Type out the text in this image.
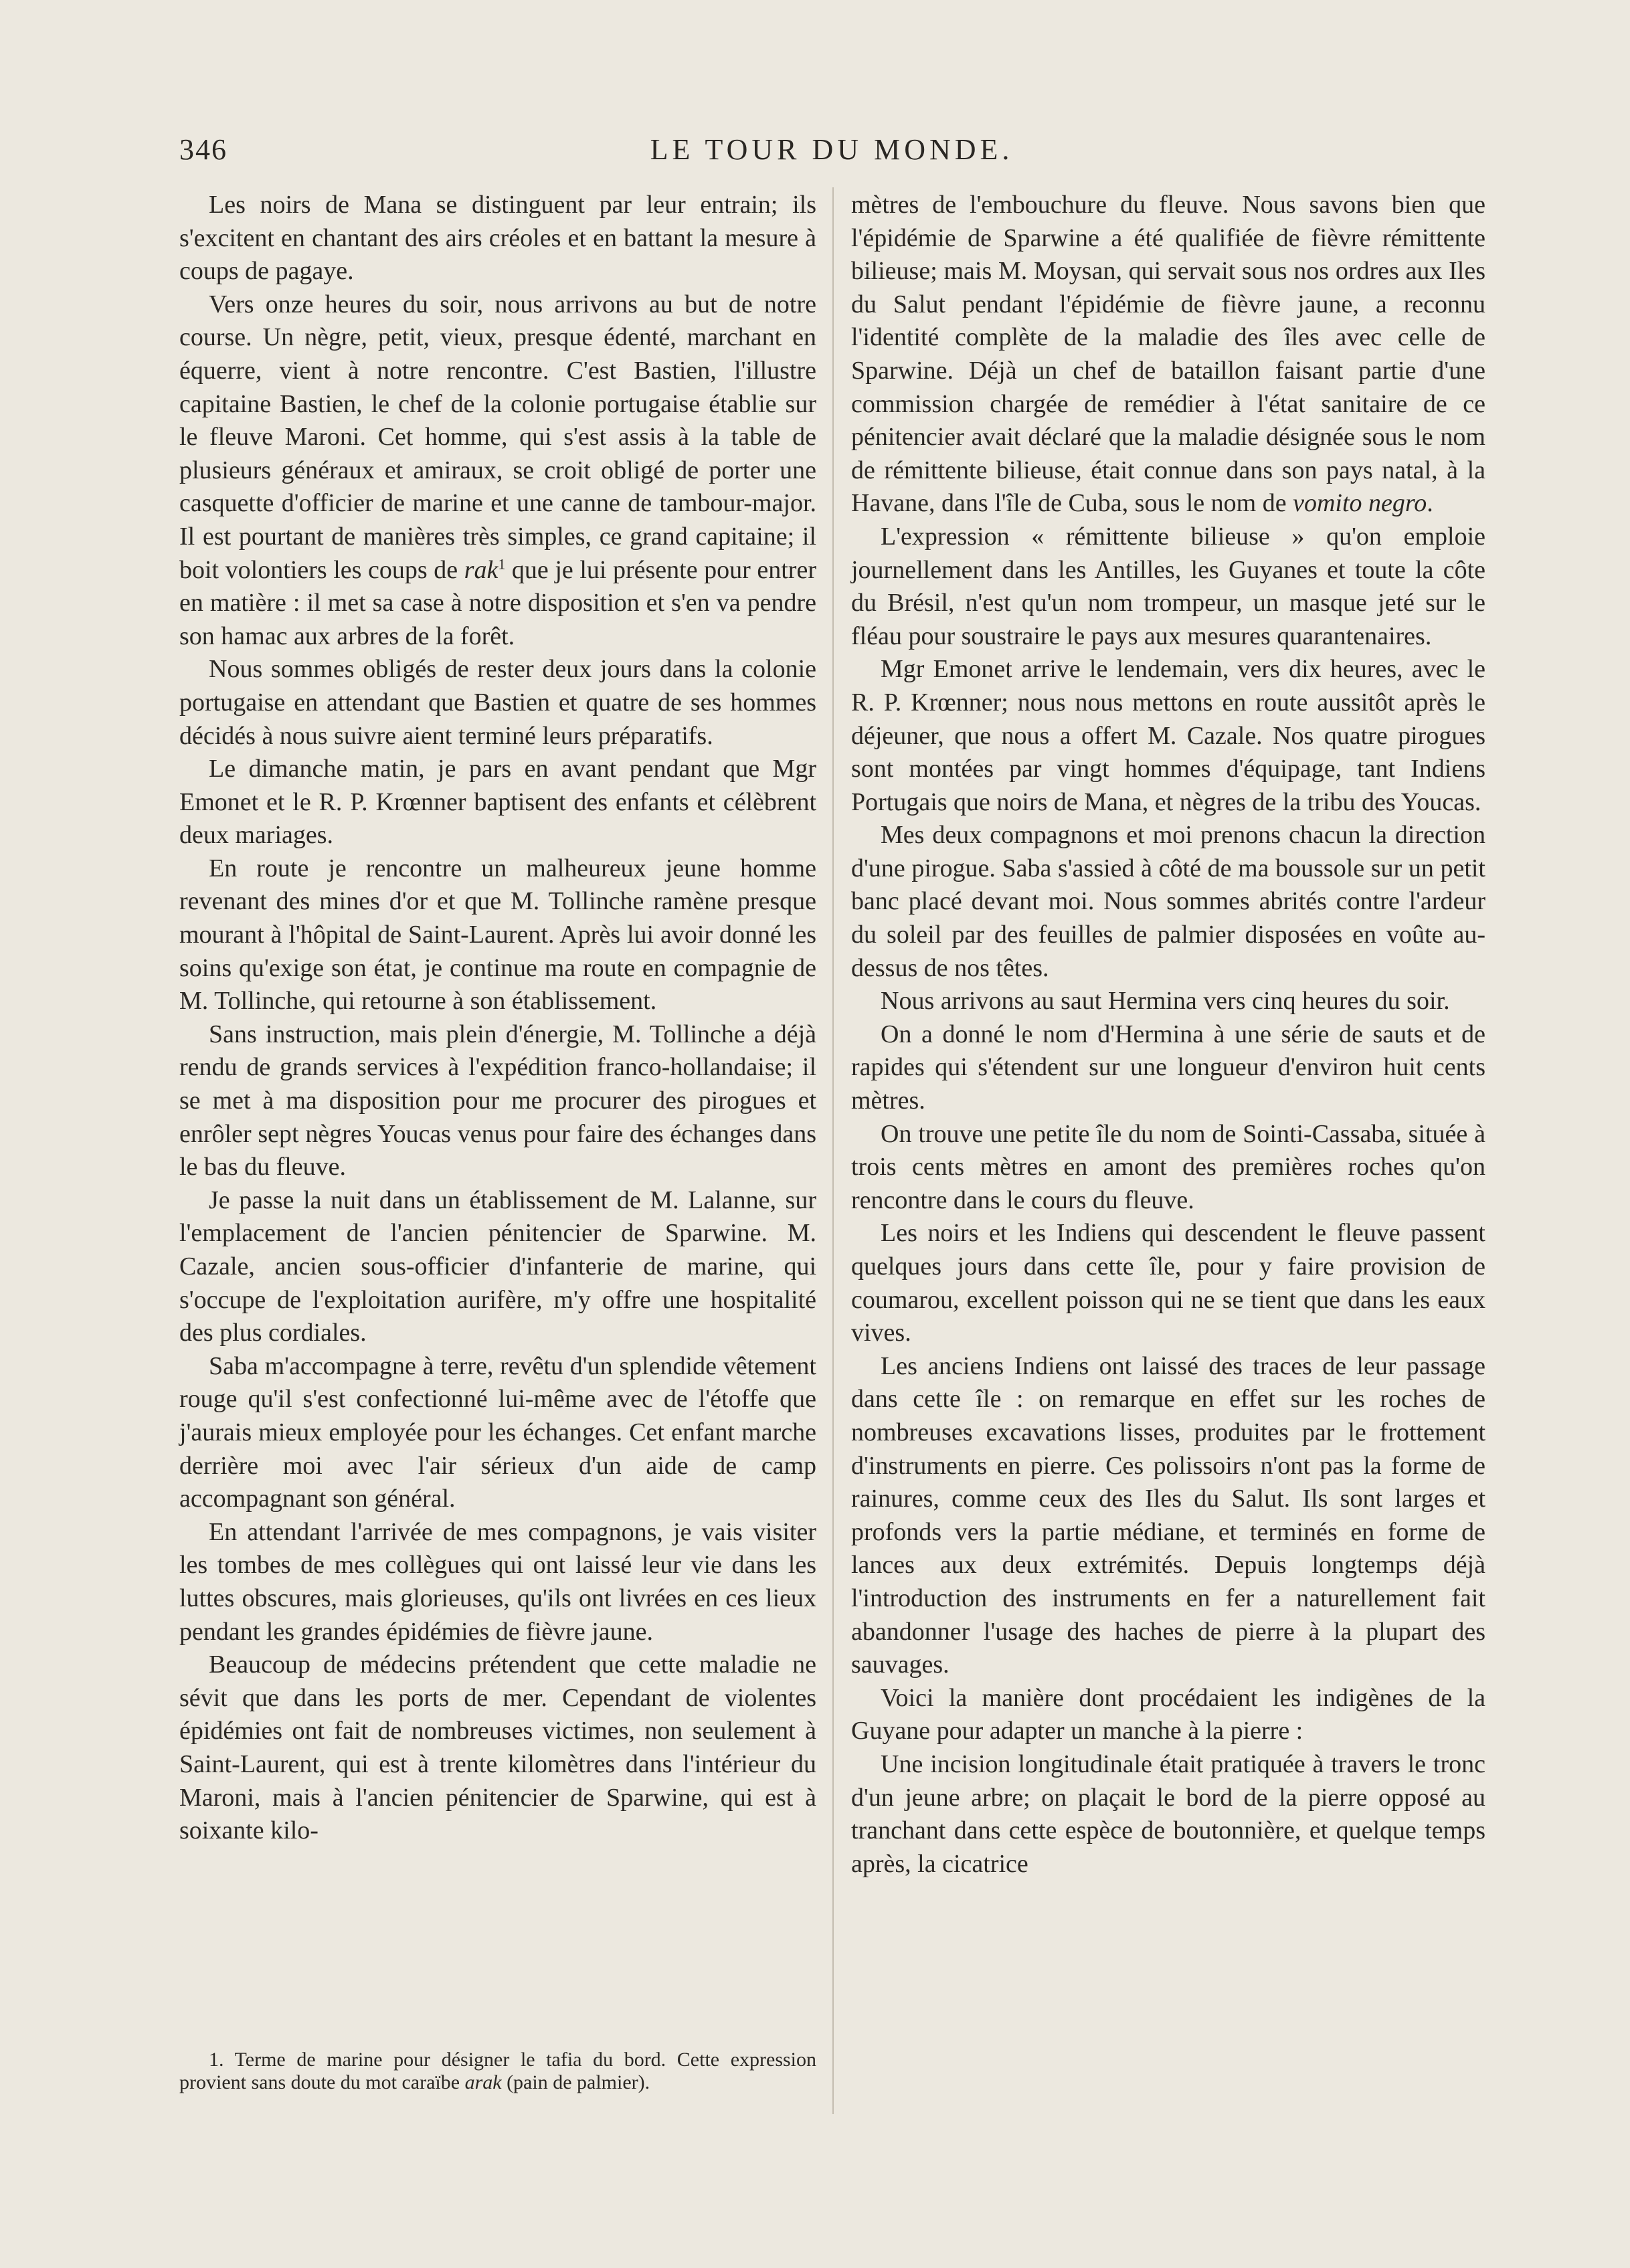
346	LE TOUR DU MONDE.

Les noirs de Mana se distinguent par leur entrain; ils s'excitent en chantant des airs créoles et en battant la mesure à coups de pagaye.

Vers onze heures du soir, nous arrivons au but de notre course. Un nègre, petit, vieux, presque édenté, marchant en équerre, vient à notre rencontre. C'est Bastien, l'illustre capitaine Bastien, le chef de la colonie portugaise établie sur le fleuve Maroni. Cet homme, qui s'est assis à la table de plusieurs généraux et amiraux, se croit obligé de porter une casquette d'officier de marine et une canne de tambour-major. Il est pourtant de manières très simples, ce grand capitaine; il boit volontiers les coups de rak$^1$ que je lui présente pour entrer en matière : il met sa case à notre disposition et s'en va pendre son hamac aux arbres de la forêt.

Nous sommes obligés de rester deux jours dans la colonie portugaise en attendant que Bastien et quatre de ses hommes décidés à nous suivre aient terminé leurs préparatifs.

Le dimanche matin, je pars en avant pendant que Mgr Emonet et le R. P. Krœnner baptisent des enfants et célèbrent deux mariages.

En route je rencontre un malheureux jeune homme revenant des mines d'or et que M. Tollinche ramène presque mourant à l'hôpital de Saint-Laurent. Après lui avoir donné les soins qu'exige son état, je continue ma route en compagnie de M. Tollinche, qui retourne à son établissement.

Sans instruction, mais plein d'énergie, M. Tollinche a déjà rendu de grands services à l'expédition franco-hollandaise; il se met à ma disposition pour me procurer des pirogues et enrôler sept nègres Youcas venus pour faire des échanges dans le bas du fleuve.

Je passe la nuit dans un établissement de M. Lalanne, sur l'emplacement de l'ancien pénitencier de Sparwine. M. Cazale, ancien sous-officier d'infanterie de marine, qui s'occupe de l'exploitation aurifère, m'y offre une hospitalité des plus cordiales.

Saba m'accompagne à terre, revêtu d'un splendide vêtement rouge qu'il s'est confectionné lui-même avec de l'étoffe que j'aurais mieux employée pour les échanges. Cet enfant marche derrière moi avec l'air sérieux d'un aide de camp accompagnant son général.

En attendant l'arrivée de mes compagnons, je vais visiter les tombes de mes collègues qui ont laissé leur vie dans les luttes obscures, mais glorieuses, qu'ils ont livrées en ces lieux pendant les grandes épidémies de fièvre jaune.

Beaucoup de médecins prétendent que cette maladie ne sévit que dans les ports de mer. Cependant de violentes épidémies ont fait de nombreuses victimes, non seulement à Saint-Laurent, qui est à trente kilomètres dans l'intérieur du Maroni, mais à l'ancien pénitencier de Sparwine, qui est à soixante kilo-

mètres de l'embouchure du fleuve. Nous savons bien que l'épidémie de Sparwine a été qualifiée de fièvre rémittente bilieuse; mais M. Moysan, qui servait sous nos ordres aux Iles du Salut pendant l'épidémie de fièvre jaune, a reconnu l'identité complète de la maladie des îles avec celle de Sparwine. Déjà un chef de bataillon faisant partie d'une commission chargée de remédier à l'état sanitaire de ce pénitencier avait déclaré que la maladie désignée sous le nom de rémittente bilieuse, était connue dans son pays natal, à la Havane, dans l'île de Cuba, sous le nom de vomito negro.

L'expression « rémittente bilieuse » qu'on emploie journellement dans les Antilles, les Guyanes et toute la côte du Brésil, n'est qu'un nom trompeur, un masque jeté sur le fléau pour soustraire le pays aux mesures quarantenaires.

Mgr Emonet arrive le lendemain, vers dix heures, avec le R. P. Krœnner; nous nous mettons en route aussitôt après le déjeuner, que nous a offert M. Cazale. Nos quatre pirogues sont montées par vingt hommes d'équipage, tant Indiens Portugais que noirs de Mana, et nègres de la tribu des Youcas.

Mes deux compagnons et moi prenons chacun la direction d'une pirogue. Saba s'assied à côté de ma boussole sur un petit banc placé devant moi. Nous sommes abrités contre l'ardeur du soleil par des feuilles de palmier disposées en voûte au-dessus de nos têtes.

Nous arrivons au saut Hermina vers cinq heures du soir.

On a donné le nom d'Hermina à une série de sauts et de rapides qui s'étendent sur une longueur d'environ huit cents mètres.

On trouve une petite île du nom de Sointi-Cassaba, située à trois cents mètres en amont des premières roches qu'on rencontre dans le cours du fleuve.

Les noirs et les Indiens qui descendent le fleuve passent quelques jours dans cette île, pour y faire provision de coumarou, excellent poisson qui ne se tient que dans les eaux vives.

Les anciens Indiens ont laissé des traces de leur passage dans cette île : on remarque en effet sur les roches de nombreuses excavations lisses, produites par le frottement d'instruments en pierre. Ces polissoirs n'ont pas la forme de rainures, comme ceux des Iles du Salut. Ils sont larges et profonds vers la partie médiane, et terminés en forme de lances aux deux extrémités. Depuis longtemps déjà l'introduction des instruments en fer a naturellement fait abandonner l'usage des haches de pierre à la plupart des sauvages.

Voici la manière dont procédaient les indigènes de la Guyane pour adapter un manche à la pierre :

Une incision longitudinale était pratiquée à travers le tronc d'un jeune arbre; on plaçait le bord de la pierre opposé au tranchant dans cette espèce de boutonnière, et quelque temps après, la cicatrice

1. Terme de marine pour désigner le tafia du bord. Cette expression provient sans doute du mot caraïbe arak (pain de palmier).
